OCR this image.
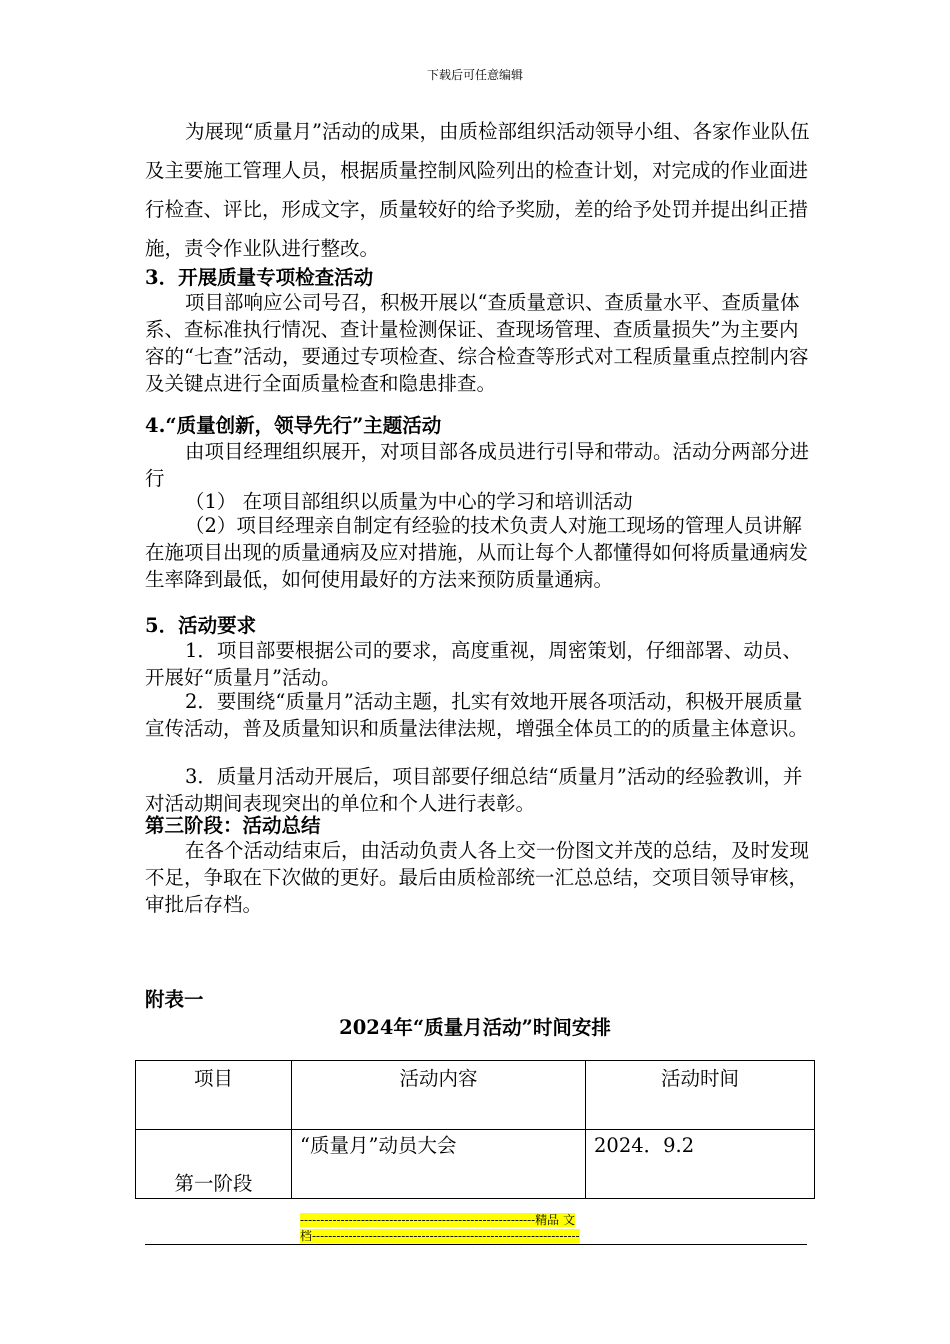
下载后可任意编辑

为展现“质量月”活动的成果，由质检部组织活动领导小组、各家作业队伍及主要施工管理人员，根据质量控制风险列出的检查计划，对完成的作业面进行检查、评比，形成文字，质量较好的给予奖励，差的给予处罚并提出纠正措施，责令作业队进行整改。

3．开展质量专项检查活动

项目部响应公司号召，积极开展以“查质量意识、查质量水平、查质量体系、查标准执行情况、查计量检测保证、查现场管理、查质量损失”为主要内容的“七查”活动，要通过专项检查、综合检查等形式对工程质量重点控制内容及关键点进行全面质量检查和隐患排查。

4.“质量创新，领导先行”主题活动

由项目经理组织展开，对项目部各成员进行引导和带动。活动分两部分进行

（1） 在项目部组织以质量为中心的学习和培训活动

（2）项目经理亲自制定有经验的技术负责人对施工现场的管理人员讲解在施项目出现的质量通病及应对措施，从而让每个人都懂得如何将质量通病发生率降到最低，如何使用最好的方法来预防质量通病。

5．活动要求

1．项目部要根据公司的要求，高度重视，周密策划，仔细部署、动员、开展好“质量月”活动。

2．要围绕“质量月”活动主题，扎实有效地开展各项活动，积极开展质量宣传活动，普及质量知识和质量法律法规，增强全体员工的的质量主体意识。

3．质量月活动开展后，项目部要仔细总结“质量月”活动的经验教训，并对活动期间表现突出的单位和个人进行表彰。

第三阶段：活动总结

在各个活动结束后，由活动负责人各上交一份图文并茂的总结，及时发现不足，争取在下次做的更好。最后由质检部统一汇总总结，交项目领导审核，审批后存档。

附表一
2024年“质量月活动”时间安排
项目	活动内容	活动时间
第一阶段	“质量月”动员大会	2024．9.2
----------------------------------------------------------精品 文
档------------------------------------------------------------------
